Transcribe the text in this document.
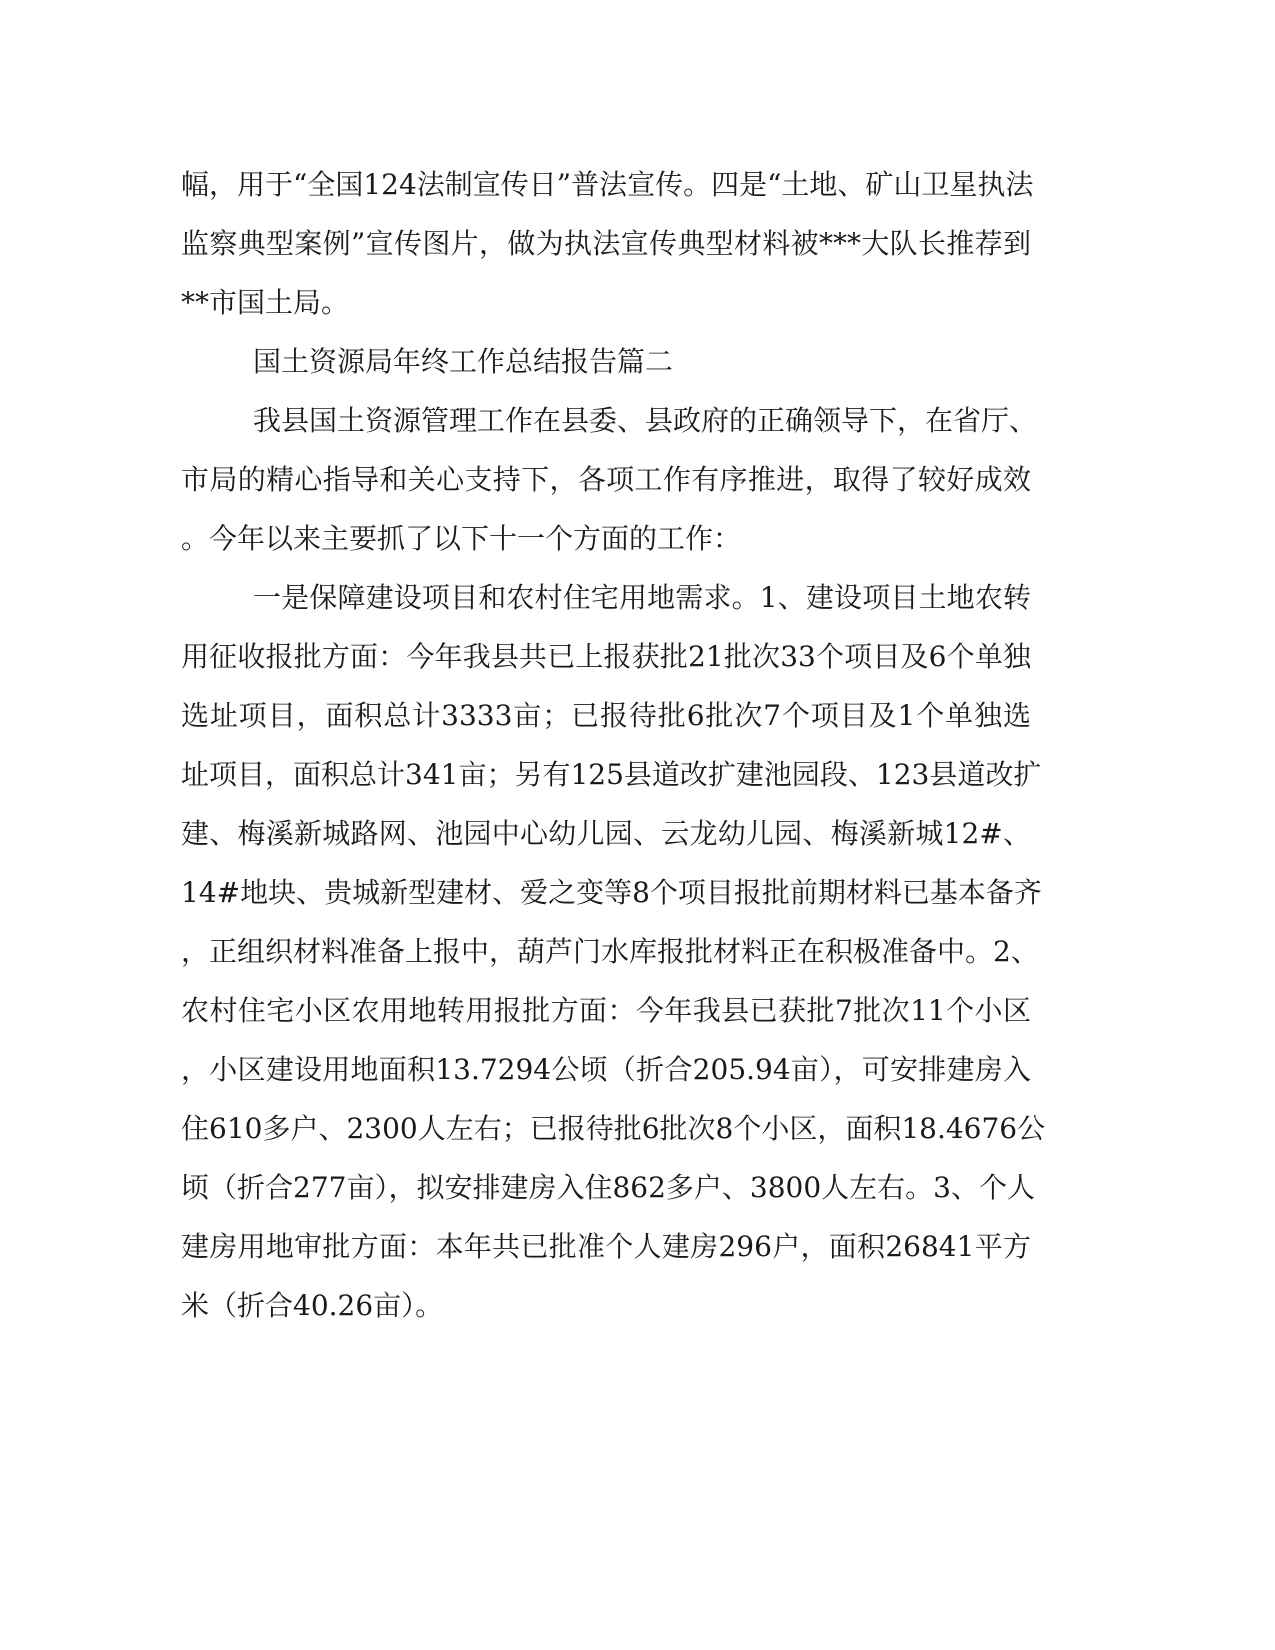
幅，用于“全国124法制宣传日”普法宣传。四是“土地、矿山卫星执法
监察典型案例”宣传图片，做为执法宣传典型材料被***大队长推荐到
**市国土局。
国土资源局年终工作总结报告篇二
我县国土资源管理工作在县委、县政府的正确领导下，在省厅、
市局的精心指导和关心支持下，各项工作有序推进，取得了较好成效
。今年以来主要抓了以下十一个方面的工作：
一是保障建设项目和农村住宅用地需求。1、建设项目土地农转
用征收报批方面：今年我县共已上报获批21批次33个项目及6个单独
选址项目，面积总计3333亩；已报待批6批次7个项目及1个单独选
址项目，面积总计341亩；另有125县道改扩建池园段、123县道改扩
建、梅溪新城路网、池园中心幼儿园、云龙幼儿园、梅溪新城12#、
14#地块、贵城新型建材、爱之变等8个项目报批前期材料已基本备齐
，正组织材料准备上报中，葫芦门水库报批材料正在积极准备中。2、
农村住宅小区农用地转用报批方面：今年我县已获批7批次11个小区
，小区建设用地面积13.7294公顷（折合205.94亩），可安排建房入
住610多户、2300人左右；已报待批6批次8个小区，面积18.4676公
顷（折合277亩），拟安排建房入住862多户、3800人左右。3、个人
建房用地审批方面：本年共已批准个人建房296户，面积26841平方
米（折合40.26亩）。
